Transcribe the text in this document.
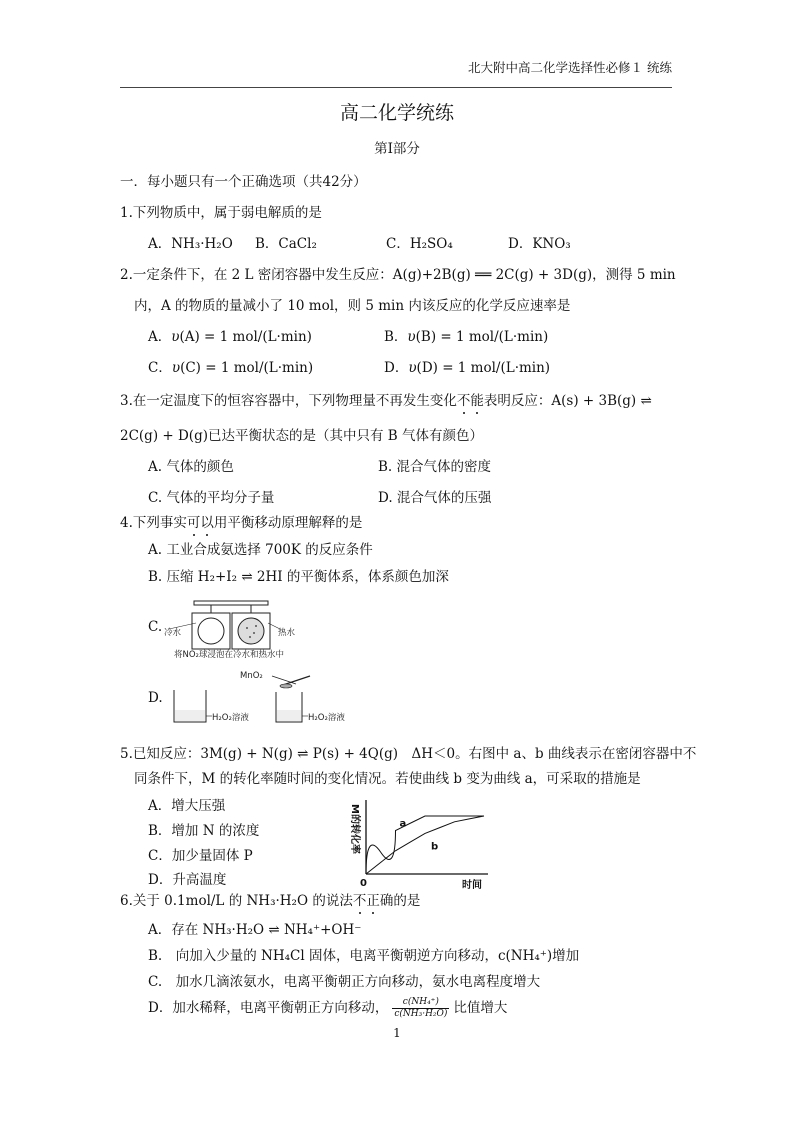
北大附中高二化学选择性必修１ 统练
高二化学统练
第Ⅰ部分
一．每小题只有一个正确选项（共42分）
1.下列物质中，属于弱电解质的是
A．NH₃·H₂O B．CaCl₂	C．H₂SO₄	D．KNO₃
2.一定条件下，在 2 L 密闭容器中发生反应：A(g)+2B(g) ══ 2C(g) + 3D(g)，测得 5 min
内，A 的物质的量减小了 10 mol，则 5 min 内该反应的化学反应速率是
A．υ(A) = 1 mol/(L·min)	B．υ(B) = 1 mol/(L·min)
C．υ(C) = 1 mol/(L·min)	D．υ(D) = 1 mol/(L·min)
3.在一定温度下的恒容容器中，下列物理量不再发生变化不能表明反应：A(s) + 3B(g) ⇌
2C(g) + D(g)已达平衡状态的是（其中只有 B 气体有颜色）
A. 气体的颜色	B. 混合气体的密度
C. 气体的平均分子量	D. 混合气体的压强
4.下列事实可以用平衡移动原理解释的是
A. 工业合成氨选择 700K 的反应条件
B. 压缩 H₂+I₂ ⇌ 2HI 的平衡体系，体系颜色加深
C. 冷水	热水
将NO₂球浸泡在冷水和热水中
D.
MnO₂
H₂O₂溶液	H₂O₂溶液
5.已知反应：3M(g) + N(g) ⇌ P(s) + 4Q(g)　ΔH＜0。右图中 a、b 曲线表示在密闭容器中不
同条件下，M 的转化率随时间的变化情况。若使曲线 b 变为曲线 a，可采取的措施是
A．增大压强
B．增加 N 的浓度
C．加少量固体 P
D．升高温度
M的转化率
时间
0
a
b
6.关于 0.1mol/L 的 NH₃·H₂O 的说法不正确的是
A．存在 NH₃·H₂O ⇌ NH₄⁺+OH⁻
B.　向加入少量的 NH₄Cl 固体，电离平衡朝逆方向移动，c(NH₄⁺)增加
C.　加水几滴浓氨水，电离平衡朝正方向移动，氨水电离程度增大
D．加水稀释，电离平衡朝正方向移动， $\frac{\text{c(NH₄⁺)}}{\text{c(NH₃·H₂O)}}$ 比值增大
1
